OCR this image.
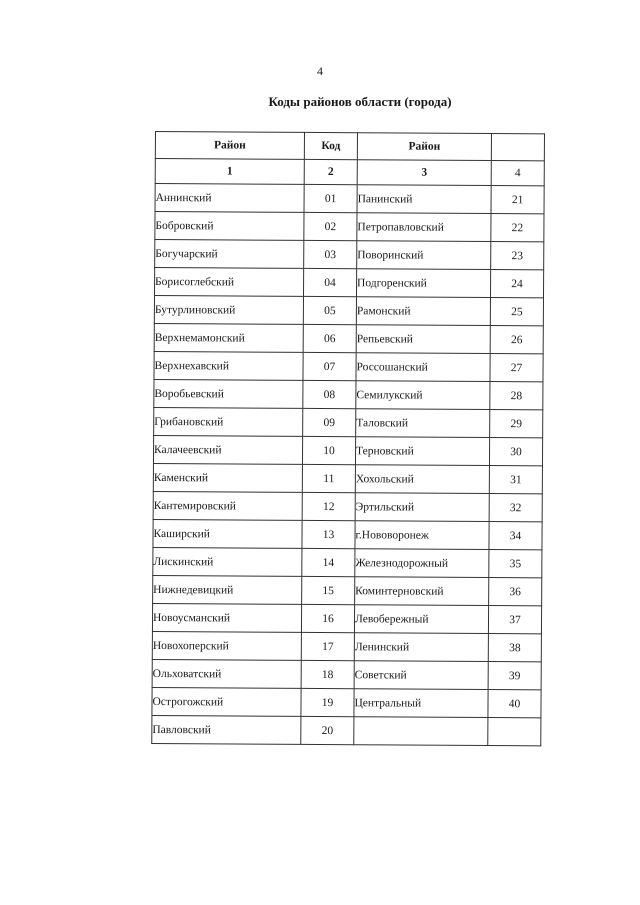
4
Коды районов области (города)
Район	Код	Район	
1	2	3	4
Аннинский	01	Панинский	21
Бобровский	02	Петропавловский	22
Богучарский	03	Поворинский	23
Борисоглебский	04	Подгоренский	24
Бутурлиновский	05	Рамонский	25
Верхнемамонский	06	Репьевский	26
Верхнехавский	07	Россошанский	27
Воробьевский	08	Семилукский	28
Грибановский	09	Таловский	29
Калачеевский	10	Терновский	30
Каменский	11	Хохольский	31
Кантемировский	12	Эртильский	32
Каширский	13	г.Нововоронеж	34
Лискинский	14	Железнодорожный	35
Нижнедевицкий	15	Коминтерновский	36
Новоусманский	16	Левобережный	37
Новохоперский	17	Ленинский	38
Ольховатский	18	Советский	39
Острогожский	19	Центральный	40
Павловский	20		
